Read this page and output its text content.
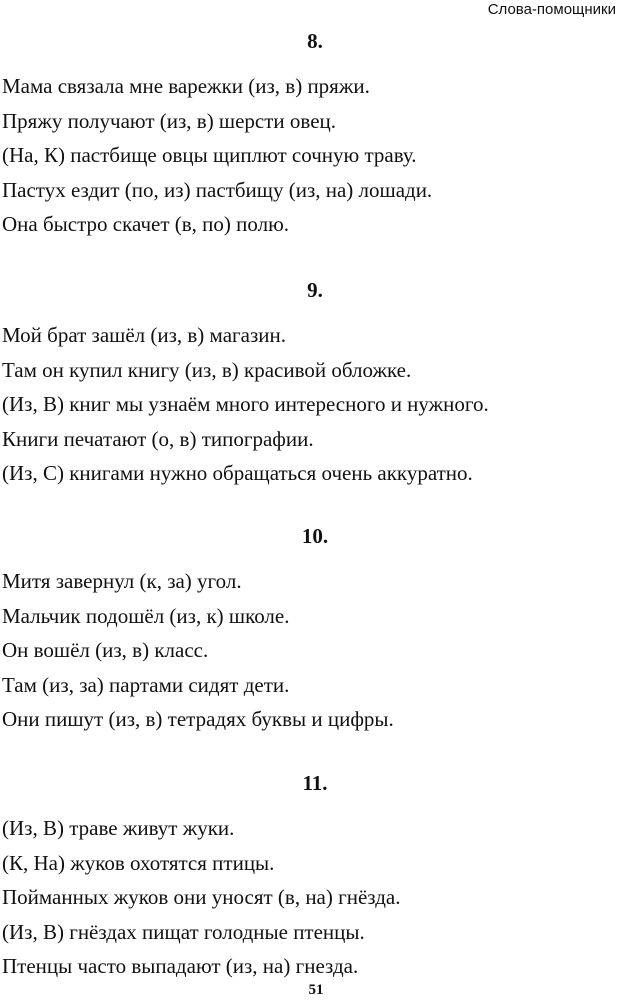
Слова-помощники
8.
Мама связала мне варежки (из, в) пряжи.
Пряжу получают (из, в) шерсти овец.
(На, К) пастбище овцы щиплют сочную траву.
Пастух ездит (по, из) пастбищу (из, на) лошади.
Она быстро скачет (в, по) полю.
9.
Мой брат зашёл (из, в) магазин.
Там он купил книгу (из, в) красивой обложке.
(Из, В) книг мы узнаём много интересного и нужного.
Книги печатают (о, в) типографии.
(Из, С) книгами нужно обращаться очень аккуратно.
10.
Митя завернул (к, за) угол.
Мальчик подошёл (из, к) школе.
Он вошёл (из, в) класс.
Там (из, за) партами сидят дети.
Они пишут (из, в) тетрадях буквы и цифры.
11.
(Из, В) траве живут жуки.
(К, На) жуков охотятся птицы.
Пойманных жуков они уносят (в, на) гнёзда.
(Из, В) гнёздах пищат голодные птенцы.
Птенцы часто выпадают (из, на) гнезда.
51
